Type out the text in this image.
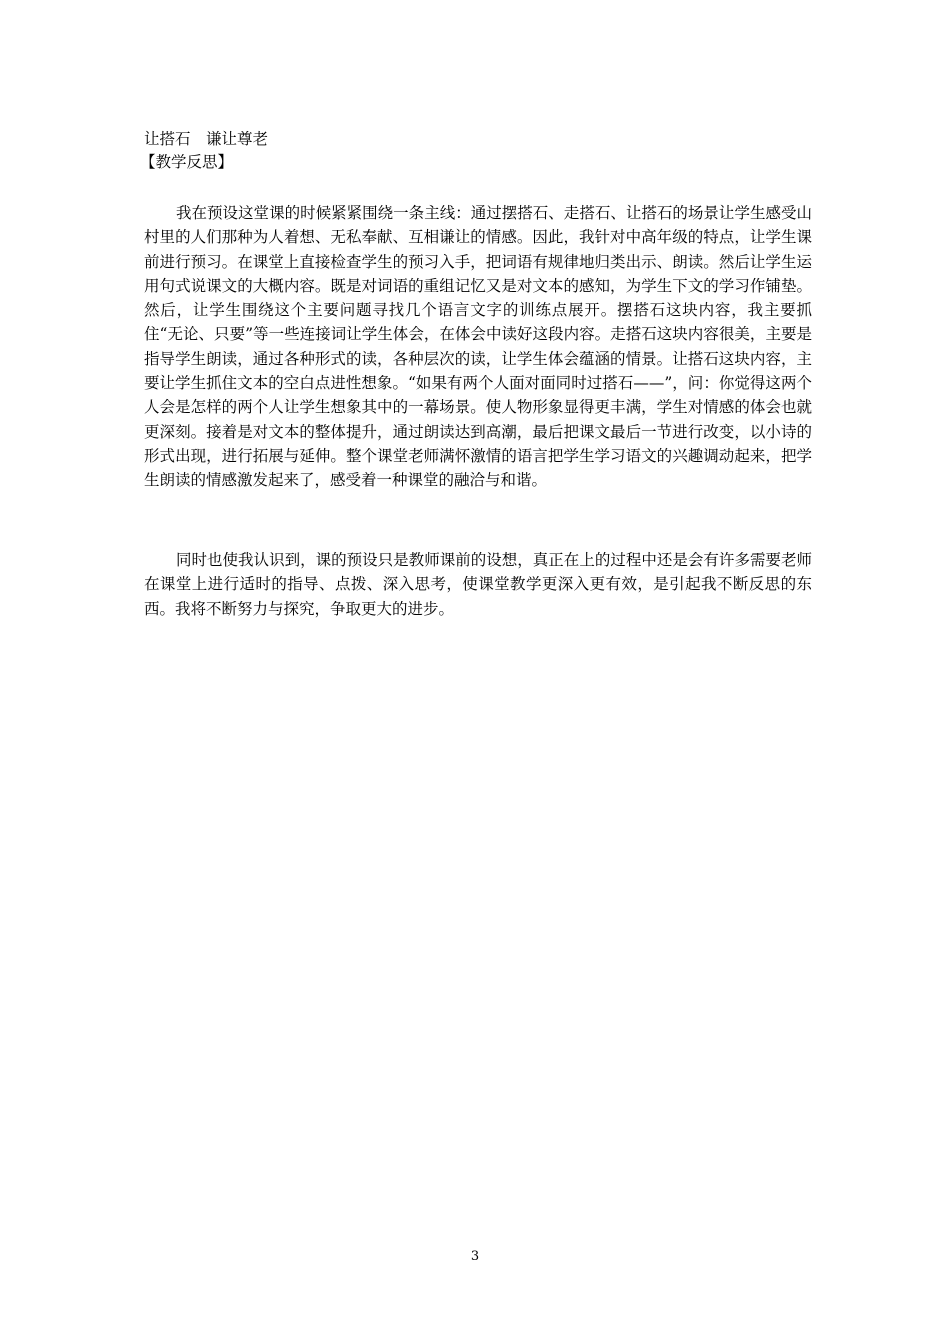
让搭石　谦让尊老
【教学反思】

我在预设这堂课的时候紧紧围绕一条主线：通过摆搭石、走搭石、让搭石的场景让学生感受山村里的人们那种为人着想、无私奉献、互相谦让的情感。因此，我针对中高年级的特点，让学生课前进行预习。在课堂上直接检查学生的预习入手，把词语有规律地归类出示、朗读。然后让学生运用句式说课文的大概内容。既是对词语的重组记忆又是对文本的感知，为学生下文的学习作铺垫。然后，让学生围绕这个主要问题寻找几个语言文字的训练点展开。摆搭石这块内容，我主要抓住“无论、只要”等一些连接词让学生体会，在体会中读好这段内容。走搭石这块内容很美，主要是指导学生朗读，通过各种形式的读，各种层次的读，让学生体会蕴涵的情景。让搭石这块内容，主要让学生抓住文本的空白点进性想象。“如果有两个人面对面同时过搭石——”，问：你觉得这两个人会是怎样的两个人让学生想象其中的一幕场景。使人物形象显得更丰满，学生对情感的体会也就更深刻。接着是对文本的整体提升，通过朗读达到高潮，最后把课文最后一节进行改变，以小诗的形式出现，进行拓展与延伸。整个课堂老师满怀激情的语言把学生学习语文的兴趣调动起来，把学生朗读的情感激发起来了，感受着一种课堂的融洽与和谐。

同时也使我认识到，课的预设只是教师课前的设想，真正在上的过程中还是会有许多需要老师在课堂上进行适时的指导、点拨、深入思考，使课堂教学更深入更有效，是引起我不断反思的东西。我将不断努力与探究，争取更大的进步。

3
